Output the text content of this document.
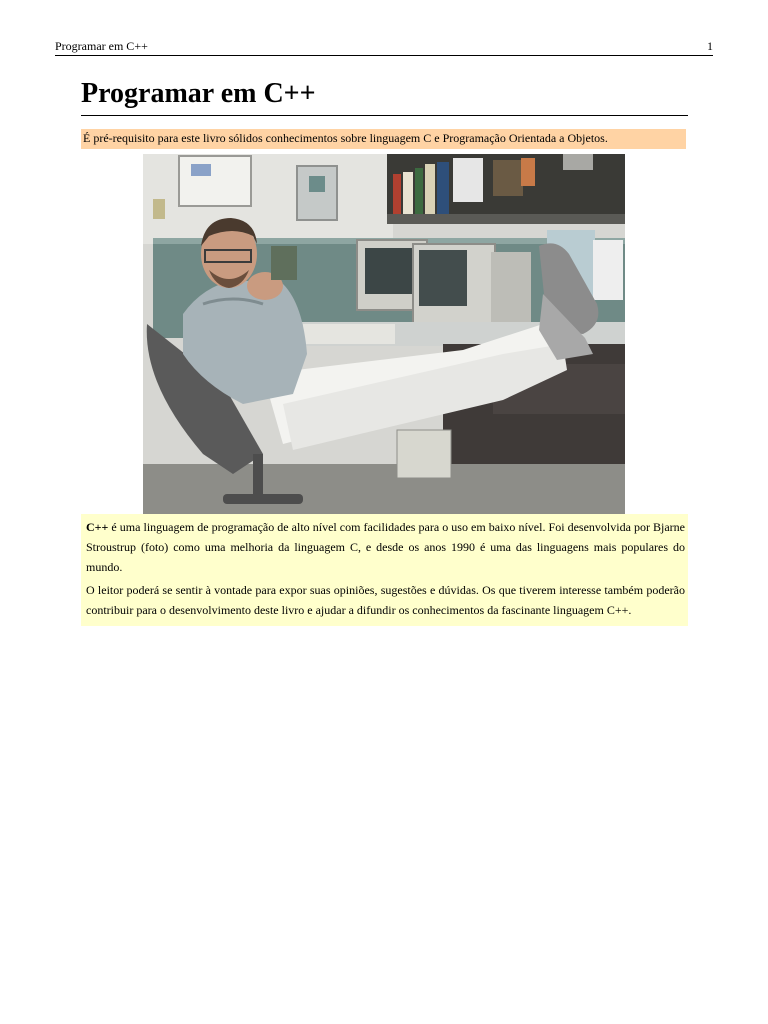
Programar em C++	1
Programar em C++
É pré-requisito para este livro sólidos conhecimentos sobre linguagem C e Programação Orientada a Objetos.

C++ é uma linguagem de programação de alto nível com facilidades para o uso em baixo nível. Foi desenvolvida por Bjarne Stroustrup (foto) como uma melhoria da linguagem C, e desde os anos 1990 é uma das linguagens mais populares do mundo.

O leitor poderá se sentir à vontade para expor suas opiniões, sugestões e dúvidas. Os que tiverem interesse também poderão contribuir para o desenvolvimento deste livro e ajudar a difundir os conhecimentos da fascinante linguagem C++.
